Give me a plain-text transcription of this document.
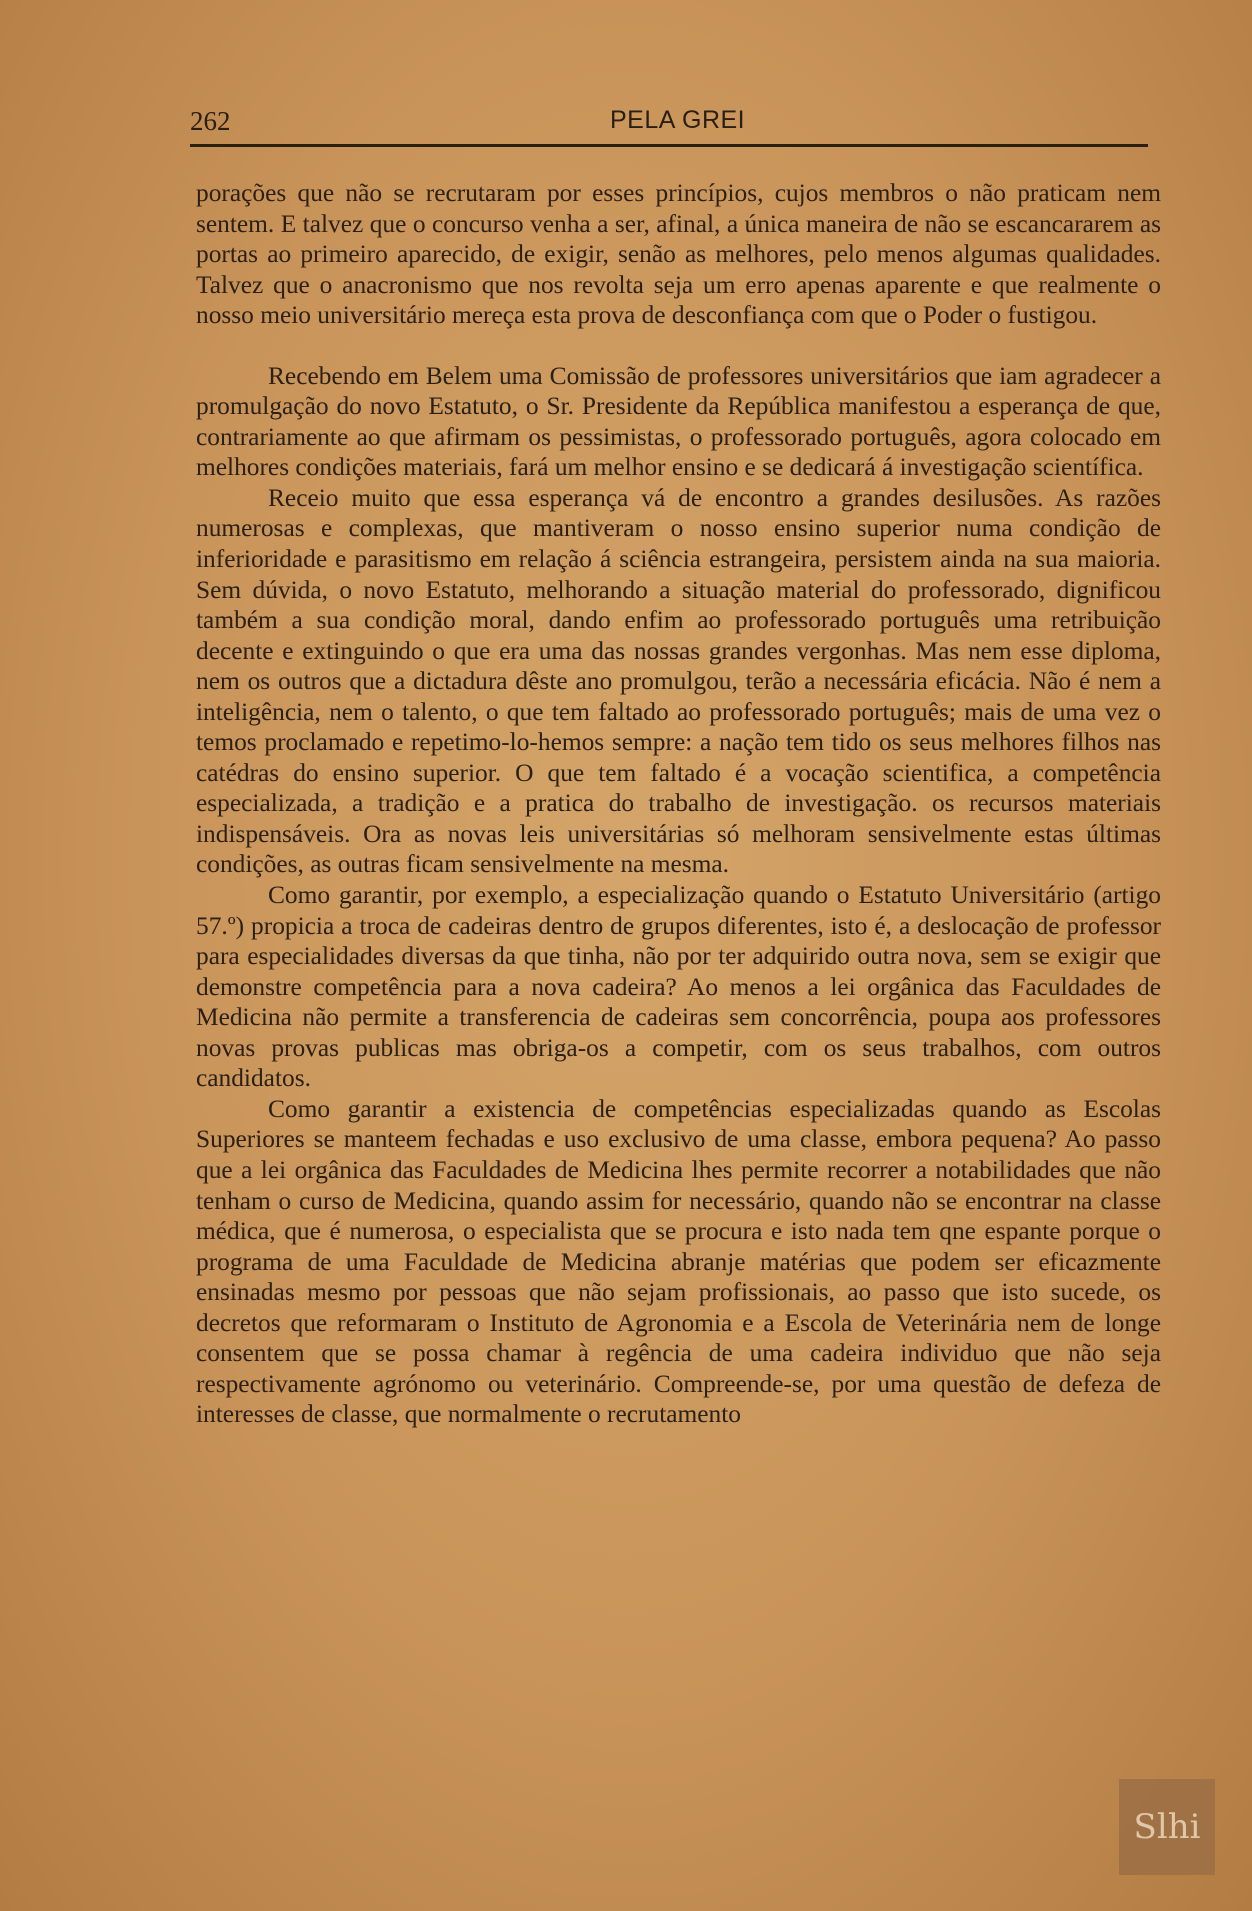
262	PELA GREI

porações que não se recrutaram por esses princípios, cujos membros o não praticam nem sentem. E talvez que o concurso venha a ser, afinal, a única maneira de não se escancararem as portas ao primeiro aparecido, de exigir, senão as melhores, pelo menos algumas qualidades. Talvez que o anacronismo que nos revolta seja um erro apenas aparente e que realmente o nosso meio universitário mereça esta prova de desconfiança com que o Poder o fustigou.

Recebendo em Belem uma Comissão de professores universitários que iam agradecer a promulgação do novo Estatuto, o Sr. Presidente da República manifestou a esperança de que, contrariamente ao que afirmam os pessimistas, o professorado português, agora colocado em melhores condições materiais, fará um melhor ensino e se dedicará á investigação scientífica.

Receio muito que essa esperança vá de encontro a grandes desilusões. As razões numerosas e complexas, que mantiveram o nosso ensino superior numa condição de inferioridade e parasitismo em relação á sciência estrangeira, persistem ainda na sua maioria. Sem dúvida, o novo Estatuto, melhorando a situação material do professorado, dignificou também a sua condição moral, dando enfim ao professorado português uma retribuição decente e extinguindo o que era uma das nossas grandes vergonhas. Mas nem esse diploma, nem os outros que a dictadura dêste ano promulgou, terão a necessária eficácia. Não é nem a inteligência, nem o talento, o que tem faltado ao professorado português; mais de uma vez o temos proclamado e repetimo-lo-hemos sempre: a nação tem tido os seus melhores filhos nas catédras do ensino superior. O que tem faltado é a vocação scientifica, a competência especializada, a tradição e a pratica do trabalho de investigação. os recursos materiais indispensáveis. Ora as novas leis universitárias só melhoram sensivelmente estas últimas condições, as outras ficam sensivelmente na mesma.

Como garantir, por exemplo, a especialização quando o Estatuto Universitário (artigo 57.º) propicia a troca de cadeiras dentro de grupos diferentes, isto é, a deslocação de professor para especialidades diversas da que tinha, não por ter adquirido outra nova, sem se exigir que demonstre competência para a nova cadeira? Ao menos a lei orgânica das Faculdades de Medicina não permite a transferencia de cadeiras sem concorrência, poupa aos professores novas provas publicas mas obriga-os a competir, com os seus trabalhos, com outros candidatos.

Como garantir a existencia de competências especializadas quando as Escolas Superiores se manteem fechadas e uso exclusivo de uma classe, embora pequena? Ao passo que a lei orgânica das Faculdades de Medicina lhes permite recorrer a notabilidades que não tenham o curso de Medicina, quando assim for necessário, quando não se encontrar na classe médica, que é numerosa, o especialista que se procura e isto nada tem qne espante porque o programa de uma Faculdade de Medicina abranje matérias que podem ser eficazmente ensinadas mesmo por pessoas que não sejam profissionais, ao passo que isto sucede, os decretos que reformaram o Instituto de Agronomia e a Escola de Veterinária nem de longe consentem que se possa chamar à regência de uma cadeira individuo que não seja respectivamente agrónomo ou veterinário. Compreende-se, por uma questão de defeza de interesses de classe, que normalmente o recrutamento

Slhi
